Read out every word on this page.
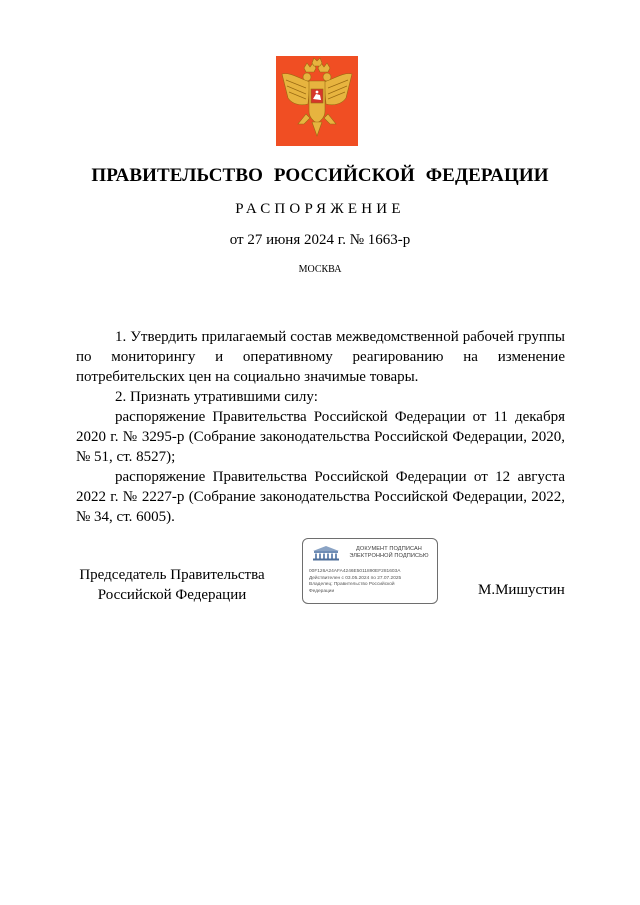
ПРАВИТЕЛЬСТВО РОССИЙСКОЙ ФЕДЕРАЦИИ
РАСПОРЯЖЕНИЕ
от 27 июня 2024 г. № 1663-р
МОСКВА

1. Утвердить прилагаемый состав межведомственной рабочей группы по мониторингу и оперативному реагированию на изменение потребительских цен на социально значимые товары.

2. Признать утратившими силу:

распоряжение Правительства Российской Федерации от 11 декабря 2020 г. № 3295-р (Собрание законодательства Российской Федерации, 2020, № 51, ст. 8527);

распоряжение Правительства Российской Федерации от 12 августа 2022 г. № 2227-р (Собрание законодательства Российской Федерации, 2022, № 34, ст. 6005).

Председатель Правительства
Российской Федерации
ДОКУМЕНТ ПОДПИСАН
ЭЛЕКТРОННОЙ ПОДПИСЬЮ
00F126A24AFA4246E5011890EF281603A
Действителен с 03.05.2024 по 27.07.2025
Владелец: Правительство Российской
Федерации	М.Мишустин
